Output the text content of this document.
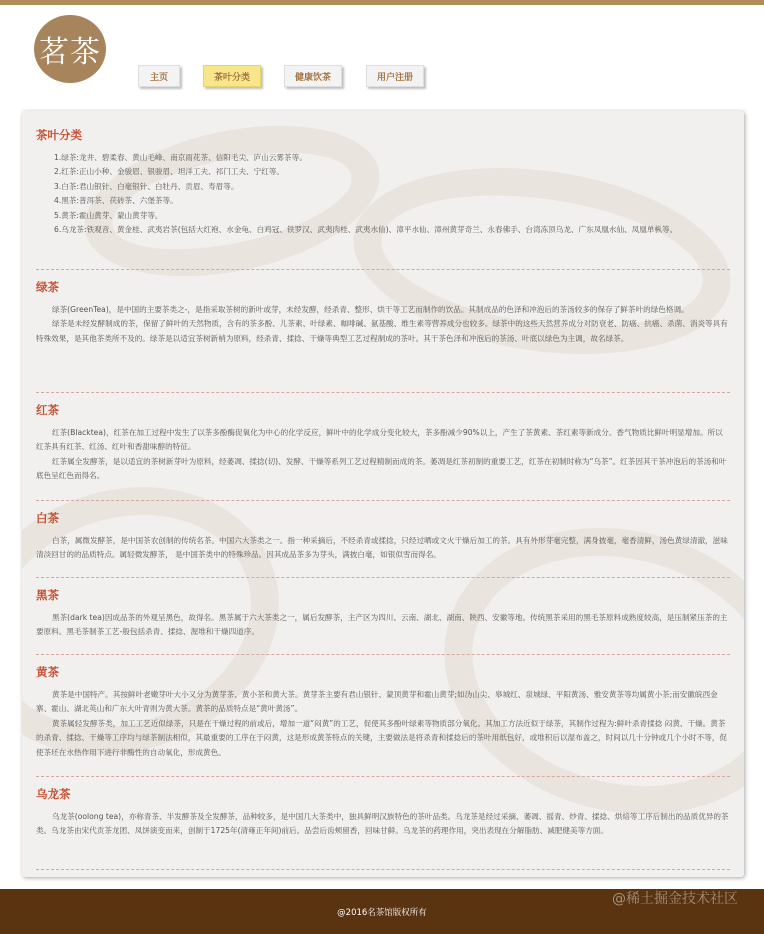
茗茶
主页	茶叶分类	健康饮茶	用户注册
茶叶分类
1.绿茶:龙井、碧柔春、黄山毛峰、南京雨花茶、信阳毛尖、庐山云雾茶等。
2.红茶:正山小种、金骏眉、银骏眉、坦洋工夫、祁门工夫、宁红等。
3.白茶:君山银针、白毫银针、白牡丹、贡眉、寿眉等。
4.黑茶:普洱茶、茯砖茶、六堡茶等。
5.黄茶:霍山黄芽、蒙山黄芽等。
6.乌龙茶:铁观音、黄金桂、武夷岩茶(包括大红袍、水金龟、白鸡冠、铁罗汉、武夷肉桂、武夷水仙)、漳平水仙、漳州黄芽奇兰、永春佛手、台湾冻顶乌龙、广东凤凰水仙、凤凰单枞等。
绿茶

绿茶(GreenTea)，是中国的主要茶类之-，是指采取茶树的新叶或芽，未经发酵，经杀青、整形、烘干等工艺而制作的饮品。其制成品的色泽和冲泡后的茶汤较多的保存了鲜茶叶的绿色格调。

绿茶是未经发酵制成的茶，保留了鲜叶的天然物质，含有的茶多酚、儿茶素、叶绿素、咖啡碱、氨基酸、维生素等营养成分也较多。绿茶中的这些天然营养成分对防衰老、防癌、抗癌、杀菌、消炎等具有特殊效果，是其他茶类所不及的。绿茶是以适宜茶树新梢为原料，经杀青、揉捻、干燥等典型工艺过程制成的茶叶。其干茶色泽和冲泡后的茶汤、叶底以绿色为主调，故名绿茶。

红茶

红茶(Blacktea)，红茶在加工过程中发生了以茶多酚酶促氧化为中心的化学反应，鲜叶中的化学成分变化较大，茶多酚减少90%以上，产生了茶黄素、茶红素等新成分。香气物质比鲜叶明显增加。所以红茶具有红茶、红汤、红叶和香甜味醇的特征。

红茶属全发酵茶，是以适宜的茶树新芽叶为原料，经萎凋、揉捻(切)、发酵、干燥等系列工艺过程精制而成的茶。萎凋是红茶初制的重要工艺，红茶在初制时称为“乌茶”。红茶因其干茶冲泡后的茶汤和叶底色呈红色而得名。

白茶

白茶，属微发酵茶，是中国茶农创制的传统名茶。中国六大茶类之一。指一种采摘后，不经杀青或揉捻，只经过晒或文火干燥后加工的茶。具有外形芽毫完整，满身披毫，毫香清鲜，汤色黄绿清澈，滋味清淡回甘的的品质特点。属轻微发酵茶， 是中国茶类中的特殊珍品。因其成品茶多为芽头，满披白毫，如银似雪而得名。

黑茶

黑茶(dark tea)因成品茶的外观呈黑色，故得名。黑茶属于六大茶类之一，属后发酵茶，主产区为四川、云南、湖北、湖南、陕西、安徽等地。传统黑茶采用的黑毛茶原料成熟度较高，是压制紧压茶的主要原料。黑毛茶制茶工艺-般包括杀青、揉捻、渥堆和干燥四道序。

黄茶

黄茶是中国特产。其按鲜叶老嫩芽叶大小又分为黄芽茶、黄小茶和黄大茶。黄芽茶主要有君山银针、蒙顶黄芽和霍山黄芽;如沩山尖、皋城红、泉城绿、平阳黄汤、雅安黄茶等均属黄小茶;而安徽皖西金寨、霍山、湖北英山和广东大叶青则为黄大茶。黄茶的品质特点是“黄叶黄汤”。

黄茶属轻发酵茶类，加工工艺近似绿茶，只是在干燥过程的前或后，增加一道“闷黄”的工艺，促使其多酚叶绿素等物质部分氧化。其加工方法近似于绿茶，其制作过程为:鲜叶杀青揉捻 闷黄、干燥。黄茶的杀青、揉捻、干燥等工序均与绿茶制法相似，其最重要的工序在于闷黄，这是形成黄茶特点的关键，主要做法是将杀青和揉捻后的茶叶用纸包好，或堆积后以湿布盖之，时间以几十分钟或几个小时不等，促使茶坯在水热作用下进行非酶性的自动氧化，形成黄色。

乌龙茶

乌龙茶(oolong tea)，亦称青茶、半发酵茶及全发酵茶，品种较多，是中国几大茶类中，独具鲜明汉族特色的茶叶品类。乌龙茶是经过采摘、萎凋、摇青、炒青、揉捻、烘焙等工序后制出的品质优异的茶类。乌龙茶由宋代贡茶龙团、凤饼演变而来，创制于1725年(清雍正年间)前后。品尝后齿颊留香，回味甘鲜。乌龙茶的药理作用，突出表现在分解脂肪、减肥健美等方面。

@2016名茶馆版权所有
@稀土掘金技术社区
